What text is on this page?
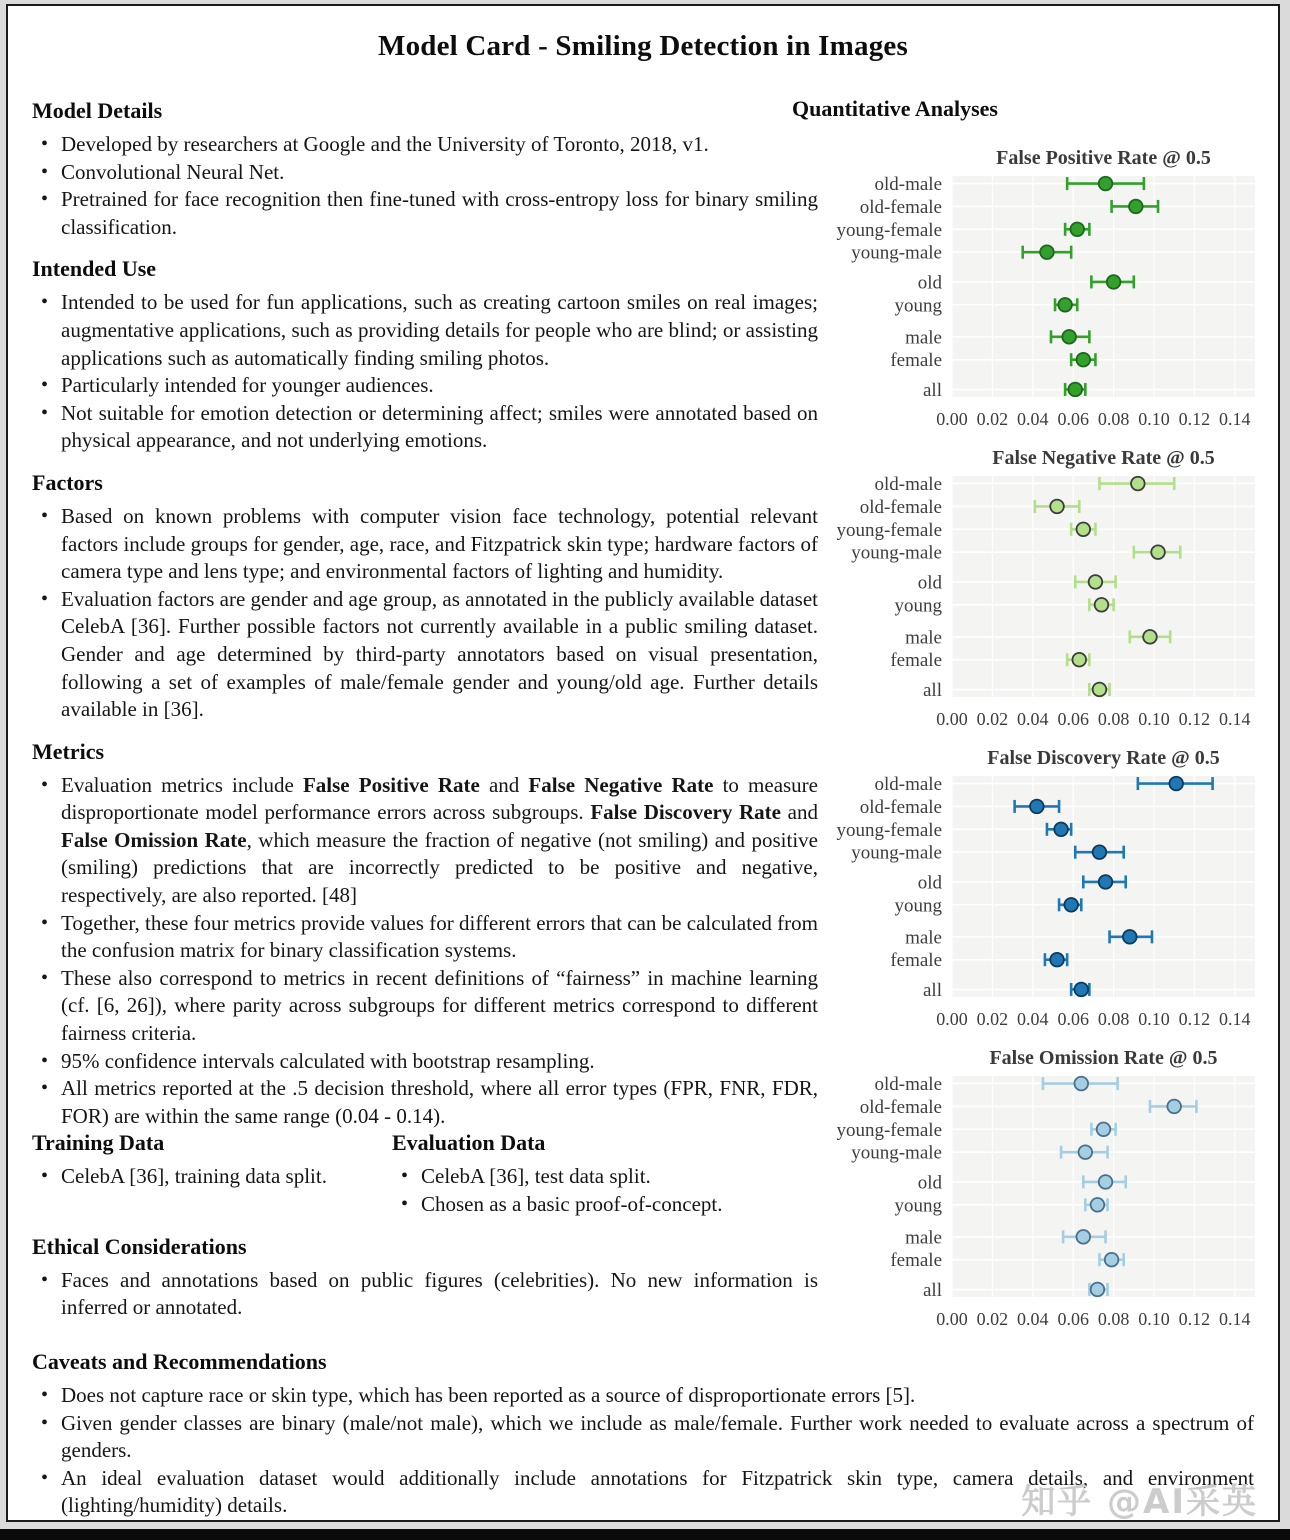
Model Card - Smiling Detection in Images
Model Details
• Developed by researchers at Google and the University of Toronto, 2018, v1.
• Convolutional Neural Net.
• Pretrained for face recognition then fine-tuned with cross-entropy loss for binary smiling classification.
Intended Use
• Intended to be used for fun applications, such as creating cartoon smiles on real images; augmentative applications, such as providing details for people who are blind; or assisting applications such as automatically finding smiling photos.
• Particularly intended for younger audiences.
• Not suitable for emotion detection or determining affect; smiles were annotated based on physical appearance, and not underlying emotions.
Factors
• Based on known problems with computer vision face technology, potential relevant factors include groups for gender, age, race, and Fitzpatrick skin type; hardware factors of camera type and lens type; and environmental factors of lighting and humidity.
• Evaluation factors are gender and age group, as annotated in the publicly available dataset CelebA [36]. Further possible factors not currently available in a public smiling dataset. Gender and age determined by third-party annotators based on visual presentation, following a set of examples of male/female gender and young/old age. Further details available in [36].
Metrics
• Evaluation metrics include False Positive Rate and False Negative Rate to measure disproportionate model performance errors across subgroups. False Discovery Rate and False Omission Rate, which measure the fraction of negative (not smiling) and positive (smiling) predictions that are incorrectly predicted to be positive and negative, respectively, are also reported. [48]
• Together, these four metrics provide values for different errors that can be calculated from the confusion matrix for binary classification systems.
• These also correspond to metrics in recent definitions of “fairness” in machine learning (cf. [6, 26]), where parity across subgroups for different metrics correspond to different fairness criteria.
• 95% confidence intervals calculated with bootstrap resampling.
• All metrics reported at the .5 decision threshold, where all error types (FPR, FNR, FDR, FOR) are within the same range (0.04 - 0.14).
Training Data
• CelebA [36], training data split.
Evaluation Data
• CelebA [36], test data split.
• Chosen as a basic proof-of-concept.
Ethical Considerations
• Faces and annotations based on public figures (celebrities). No new information is inferred or annotated.
Caveats and Recommendations
• Does not capture race or skin type, which has been reported as a source of disproportionate errors [5].
• Given gender classes are binary (male/not male), which we include as male/female. Further work needed to evaluate across a spectrum of genders.
• An ideal evaluation dataset would additionally include annotations for Fitzpatrick skin type, camera details, and environment (lighting/humidity) details.
Quantitative Analyses
False Positive Rate @ 0.5
old-male
old-female
young-female
young-male
old
young
male
female
all
0.00 0.02 0.04 0.06 0.08 0.10 0.12 0.14
False Negative Rate @ 0.5
old-male
old-female
young-female
young-male
old
young
male
female
all
0.00 0.02 0.04 0.06 0.08 0.10 0.12 0.14
False Discovery Rate @ 0.5
old-male
old-female
young-female
young-male
old
young
male
female
all
0.00 0.02 0.04 0.06 0.08 0.10 0.12 0.14
False Omission Rate @ 0.5
old-male
old-female
young-female
young-male
old
young
male
female
all
0.00 0.02 0.04 0.06 0.08 0.10 0.12 0.14
知乎 @AI采英
